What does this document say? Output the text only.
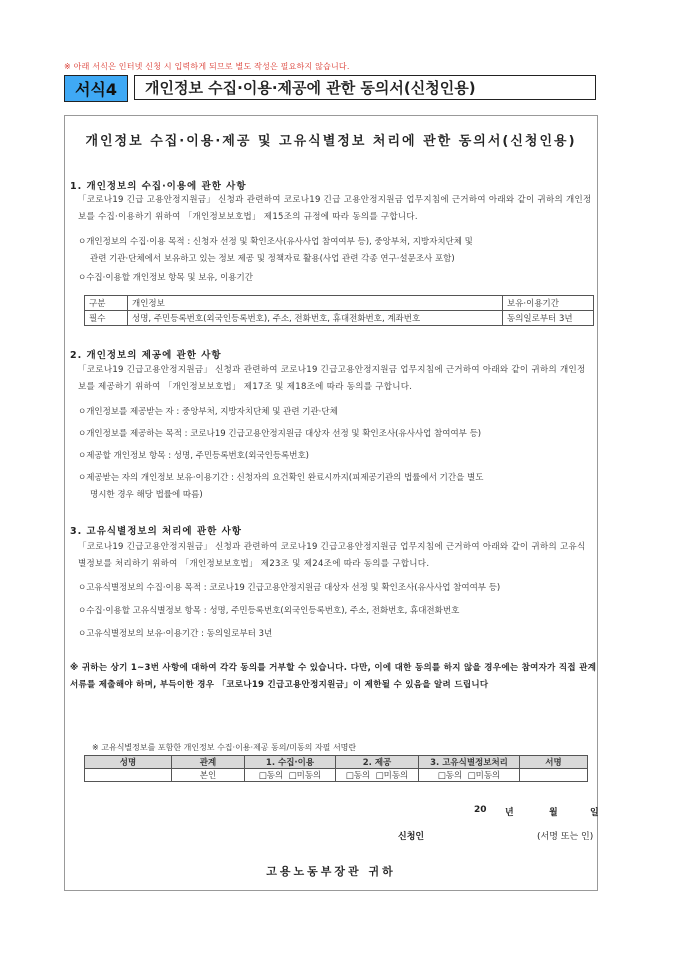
※ 아래 서식은 인터넷 신청 시 입력하게 되므로 별도 작성은 필요하지 않습니다.
서식4	개인정보 수집·이용·제공에 관한 동의서(신청인용)
개인정보 수집·이용·제공 및 고유식별정보 처리에 관한 동의서(신청인용)
1. 개인정보의 수집·이용에 관한 사항
「코로나19 긴급 고용안정지원금」 신청과 관련하여 코로나19 긴급 고용안정지원금 업무지침에 근거하여 아래와 같이 귀하의 개인정보를 수집·이용하기 위하여 「개인정보보호법」 제15조의 규정에 따라 동의를 구합니다.
ㅇ개인정보의 수집·이용 목적 : 신청자 선정 및 확인조사(유사사업 참여여부 등), 중앙부처, 지방자치단체 및
관련 기관·단체에서 보유하고 있는 정보 제공 및 정책자료 활용(사업 관련 각종 연구·설문조사 포함)
ㅇ수집·이용할 개인정보 항목 및 보유, 이용기간
구분	개인정보	보유·이용기간
필수	성명, 주민등록번호(외국인등록번호), 주소, 전화번호, 휴대전화번호, 계좌번호	동의일로부터 3년
2. 개인정보의 제공에 관한 사항
「코로나19 긴급고용안정지원금」 신청과 관련하여 코로나19 긴급고용안정지원금 업무지침에 근거하여 아래와 같이 귀하의 개인정보를 제공하기 위하여 「개인정보보호법」 제17조 및 제18조에 따라 동의를 구합니다.
ㅇ개인정보를 제공받는 자 : 중앙부처, 지방자치단체 및 관련 기관·단체
ㅇ개인정보를 제공하는 목적 : 코로나19 긴급고용안정지원금 대상자 선정 및 확인조사(유사사업 참여여부 등)
ㅇ제공할 개인정보 항목 : 성명, 주민등록번호(외국인등록번호)
ㅇ제공받는 자의 개인정보 보유·이용기간 : 신청자의 요건확인 완료시까지(피제공기관의 법률에서 기간을 별도
명시한 경우 해당 법률에 따름)
3. 고유식별정보의 처리에 관한 사항
「코로나19 긴급고용안정지원금」 신청과 관련하여 코로나19 긴급고용안정지원금 업무지침에 근거하여 아래와 같이 귀하의 고유식별정보를 처리하기 위하여 「개인정보보호법」 제23조 및 제24조에 따라 동의를 구합니다.
ㅇ고유식별정보의 수집·이용 목적 : 코로나19 긴급고용안정지원금 대상자 선정 및 확인조사(유사사업 참여여부 등)
ㅇ수집·이용할 고유식별정보 항목 : 성명, 주민등록번호(외국인등록번호), 주소, 전화번호, 휴대전화번호
ㅇ고유식별정보의 보유·이용기간 : 동의일로부터 3년
※ 귀하는 상기 1~3번 사항에 대하여 각각 동의를 거부할 수 있습니다. 다만, 이에 대한 동의를 하지 않을 경우에는 참여자가 직접 관계서류를 제출해야 하며, 부득이한 경우 「코로나19 긴급고용안정지원금」이 제한될 수 있음을 알려 드립니다
※ 고유식별정보를 포함한 개인정보 수집·이용·제공 동의/미동의 자필 서명란
성명	관계	1. 수집·이용	2. 제공	3. 고유식별정보처리	서명
	본인	□동의 □미동의	□동의 □미동의	□동의 □미동의	
20 년	월	일
신청인	(서명 또는 인)
고용노동부장관 귀하
